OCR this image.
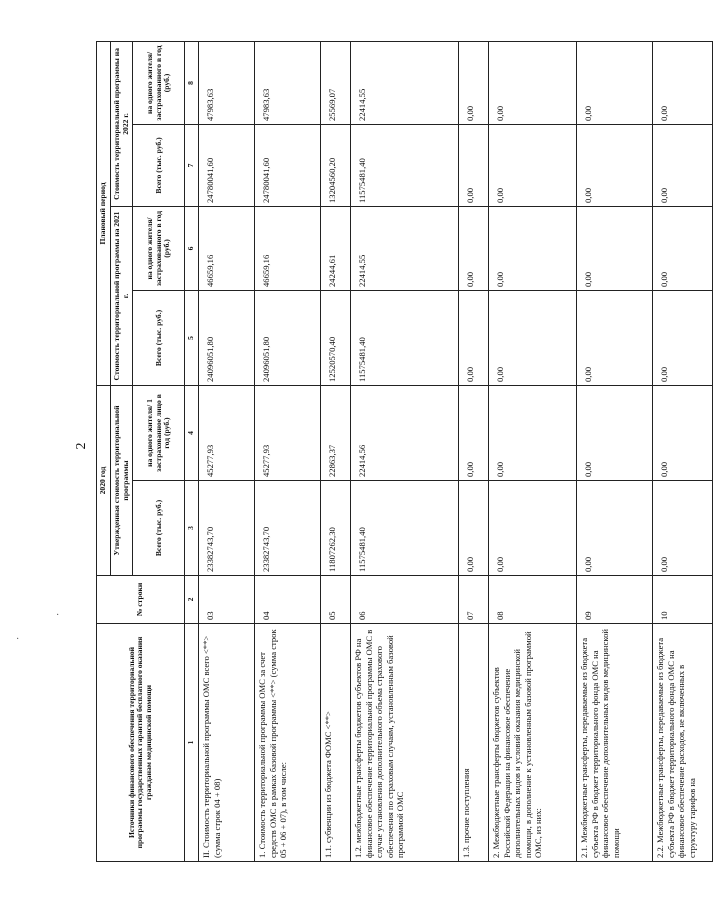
2
·
·
Источники финансового обеспечения территориальной программы государственных гарантий бесплатного оказания гражданам медицинской помощи	№ строки	2020 год		Плановый период			
		Утвержденная стоимость территориальной программы		Стоимость территориальной программы на 2021 г.		Стоимость территориальной программы на 2022 г.	
		Всего (тыс. руб.)	на одного жителя/ 1 застрахованное лицо в год (руб.)	Всего (тыс. руб.)	на одного жителя/ застрахованного в год (руб.)	Всего (тыс. руб.)	на одного жителя/ застрахованного в год (руб.)
1	2	3	4	5	6	7	8
II. Стоимость территориальной программы ОМС всего <**> (сумма строк 04 + 08)	03	23382743,70	45277,93	24096051,80	46659,16	24780041,60	47983,63
1. Стоимость территориальной программы ОМС за счет средств ОМС в рамках базовой программы <**> (сумма строк 05 + 06 + 07), в том числе:	04	23382743,70	45277,93	24096051,80	46659,16	24780041,60	47983,63
1.1. субвенции из бюджета ФОМС <**>	05	11807262,30	22863,37	12520570,40	24244,61	13204560,20	25569,07
1.2. межбюджетные трансферты бюджетов субъектов РФ на финансовое обеспечение территориальной программы ОМС в случае установления дополнительного объема страхового обеспечения по страховым случаям, установленным базовой программой ОМС	06	11575481,40	22414,56	11575481,40	22414,55	11575481,40	22414,55
1.3. прочие поступления	07	0,00	0,00	0,00	0,00	0,00	0,00
2. Межбюджетные трансферты бюджетов субъектов Российской Федерации на финансовое обеспечение дополнительных видов и условий оказания медицинской помощи, в дополнение к установленным базовой программой ОМС, из них:	08	0,00	0,00	0,00	0,00	0,00	0,00
2.1. Межбюджетные трансферты, передаваемые из бюджета субъекта РФ в бюджет территориального фонда ОМС на финансовое обеспечение дополнительных видов медицинской помощи	09	0,00	0,00	0,00	0,00	0,00	0,00
2.2. Межбюджетные трансферты, передаваемые из бюджета субъекта РФ в бюджет территориального фонда ОМС на финансовое обеспечение расходов, не включенных в структуру тарифов на	10	0,00	0,00	0,00	0,00	0,00	0,00
